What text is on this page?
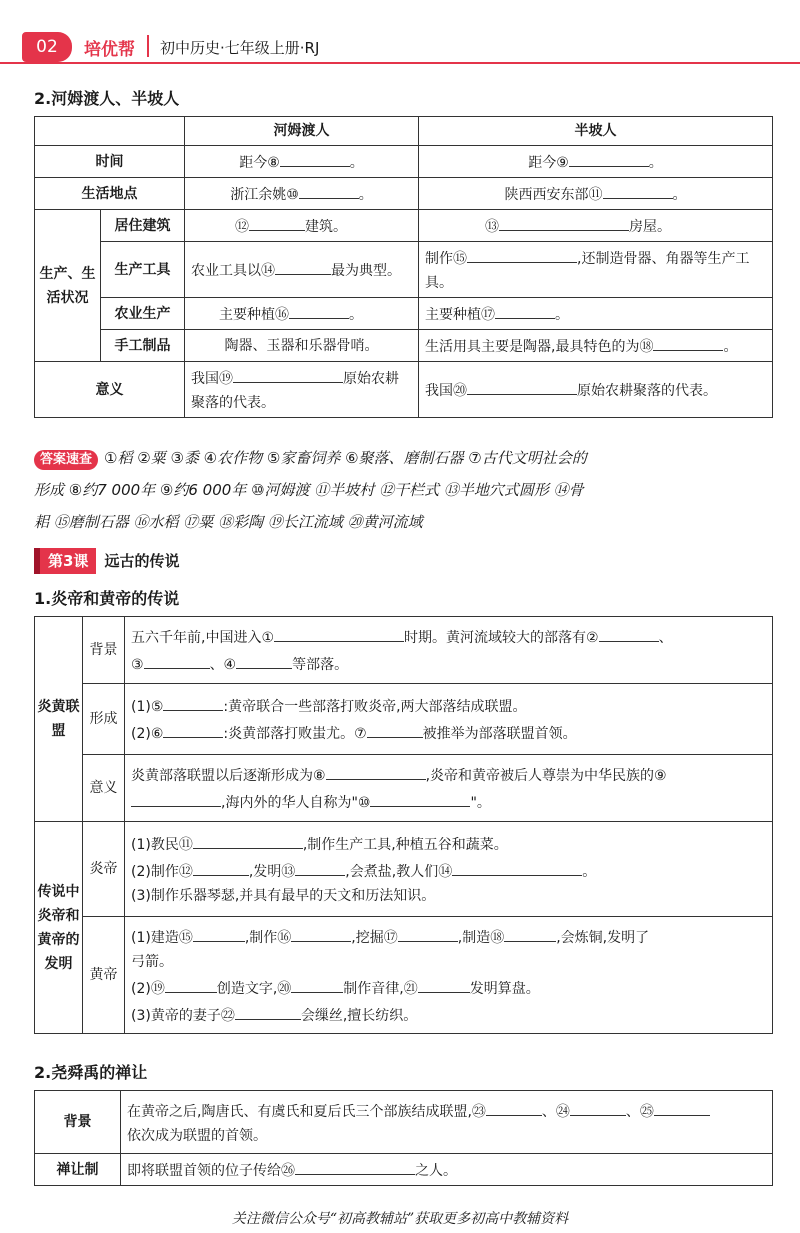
02	培优帮 初中历史·七年级上册·RJ
2.河姆渡人、半坡人
		河姆渡人	半坡人
时间		距今⑧ 。	距今⑨ 。
生活地点		浙江余姚⑩ 。	陕西西安东部⑪ 。
生产、生活状况	居住建筑	⑫ 建筑。	⑬ 房屋。
	生产工具	农业工具以⑭ 最为典型。	制作⑮ ,还制造骨器、角器等生产工具。
	农业生产	主要种植⑯ 。	主要种植⑰ 。
	手工制品	陶器、玉器和乐器骨哨。	生活用具主要是陶器,最具特色的为⑱ 。
意义		我国⑲ 原始农耕聚落的代表。	我国⑳ 原始农耕聚落的代表。
答案速查 ①稻 ②粟 ③黍 ④农作物 ⑤家畜饲养 ⑥聚落、磨制石器 ⑦古代文明社会的
形成 ⑧约7 000年 ⑨约6 000年 ⑩河姆渡 ⑪半坡村 ⑫干栏式 ⑬半地穴式圆形 ⑭骨
耜 ⑮磨制石器 ⑯水稻 ⑰粟 ⑱彩陶 ⑲长江流域 ⑳黄河流域
第3课 远古的传说
1.炎帝和黄帝的传说
炎黄联盟	背景	五六千年前,中国进入① 时期。黄河流域较大的部落有② 、
③ 、④ 等部落。
	形成	(1)⑤ :黄帝联合一些部落打败炎帝,两大部落结成联盟。
(2)⑥ :炎黄部落打败蚩尤。⑦ 被推举为部落联盟首领。
	意义	炎黄部落联盟以后逐渐形成为⑧ ,炎帝和黄帝被后人尊崇为中华民族的⑨
,海内外的华人自称为"⑩ "。
传说中炎帝和黄帝的发明	炎帝	(1)教民⑪ ,制作生产工具,种植五谷和蔬菜。
(2)制作⑫ ,发明⑬ ,会煮盐,教人们⑭ 。
(3)制作乐器琴瑟,并具有最早的天文和历法知识。
	黄帝	(1)建造⑮ ,制作⑯ ,挖掘⑰ ,制造⑱ ,会炼铜,发明了
弓箭。
(2)⑲ 创造文字,⑳ 制作音律,㉑ 发明算盘。
(3)黄帝的妻子㉒ 会缫丝,擅长纺织。
2.尧舜禹的禅让
背景	在黄帝之后,陶唐氏、有虞氏和夏后氏三个部族结成联盟,㉓ 、㉔ 、㉕
依次成为联盟的首领。
禅让制	即将联盟首领的位子传给㉖ 之人。
关注微信公众号“初高教辅站”获取更多初高中教辅资料
